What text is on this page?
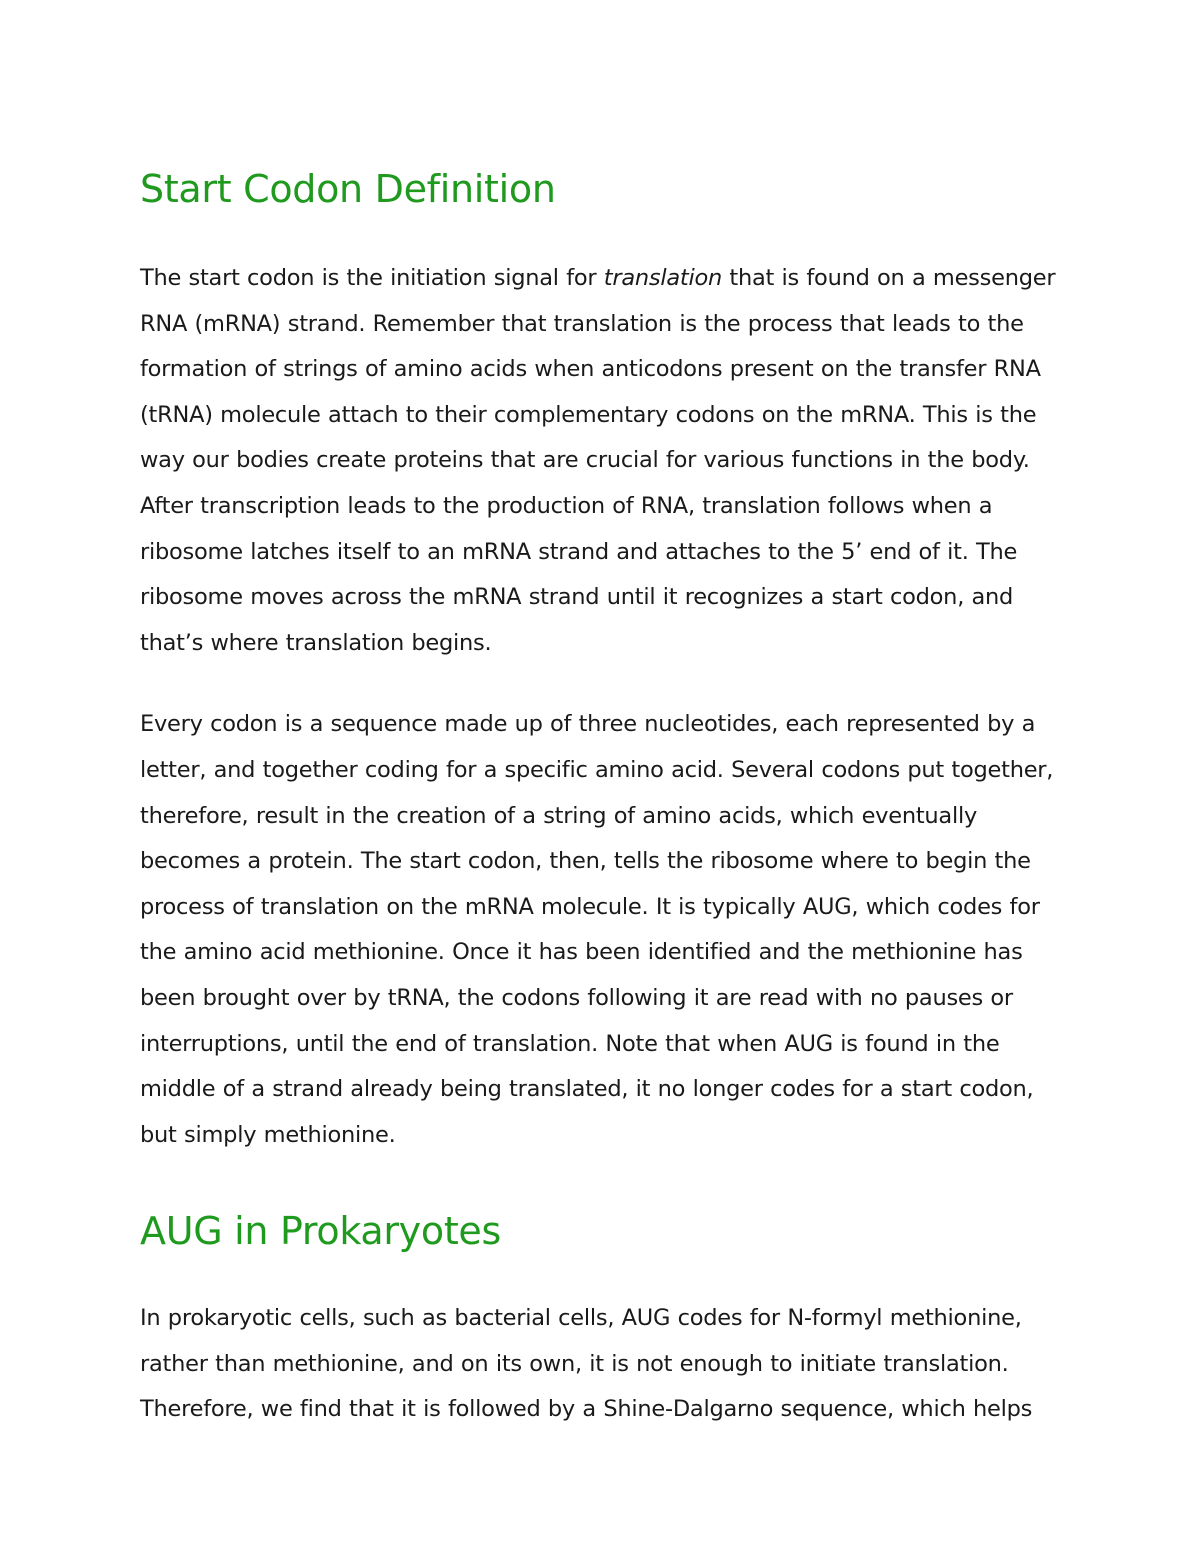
Start Codon Definition

The start codon is the initiation signal for translation that is found on a messenger RNA (mRNA) strand. Remember that translation is the process that leads to the formation of strings of amino acids when anticodons present on the transfer RNA (tRNA) molecule attach to their complementary codons on the mRNA. This is the way our bodies create proteins that are crucial for various functions in the body. After transcription leads to the production of RNA, translation follows when a ribosome latches itself to an mRNA strand and attaches to the 5’ end of it. The ribosome moves across the mRNA strand until it recognizes a start codon, and that’s where translation begins.

Every codon is a sequence made up of three nucleotides, each represented by a letter, and together coding for a specific amino acid. Several codons put together, therefore, result in the creation of a string of amino acids, which eventually becomes a protein. The start codon, then, tells the ribosome where to begin the process of translation on the mRNA molecule. It is typically AUG, which codes for the amino acid methionine. Once it has been identified and the methionine has been brought over by tRNA, the codons following it are read with no pauses or interruptions, until the end of translation. Note that when AUG is found in the middle of a strand already being translated, it no longer codes for a start codon, but simply methionine.

AUG in Prokaryotes

In prokaryotic cells, such as bacterial cells, AUG codes for N-formyl methionine, rather than methionine, and on its own, it is not enough to initiate translation. Therefore, we find that it is followed by a Shine-Dalgarno sequence, which helps
